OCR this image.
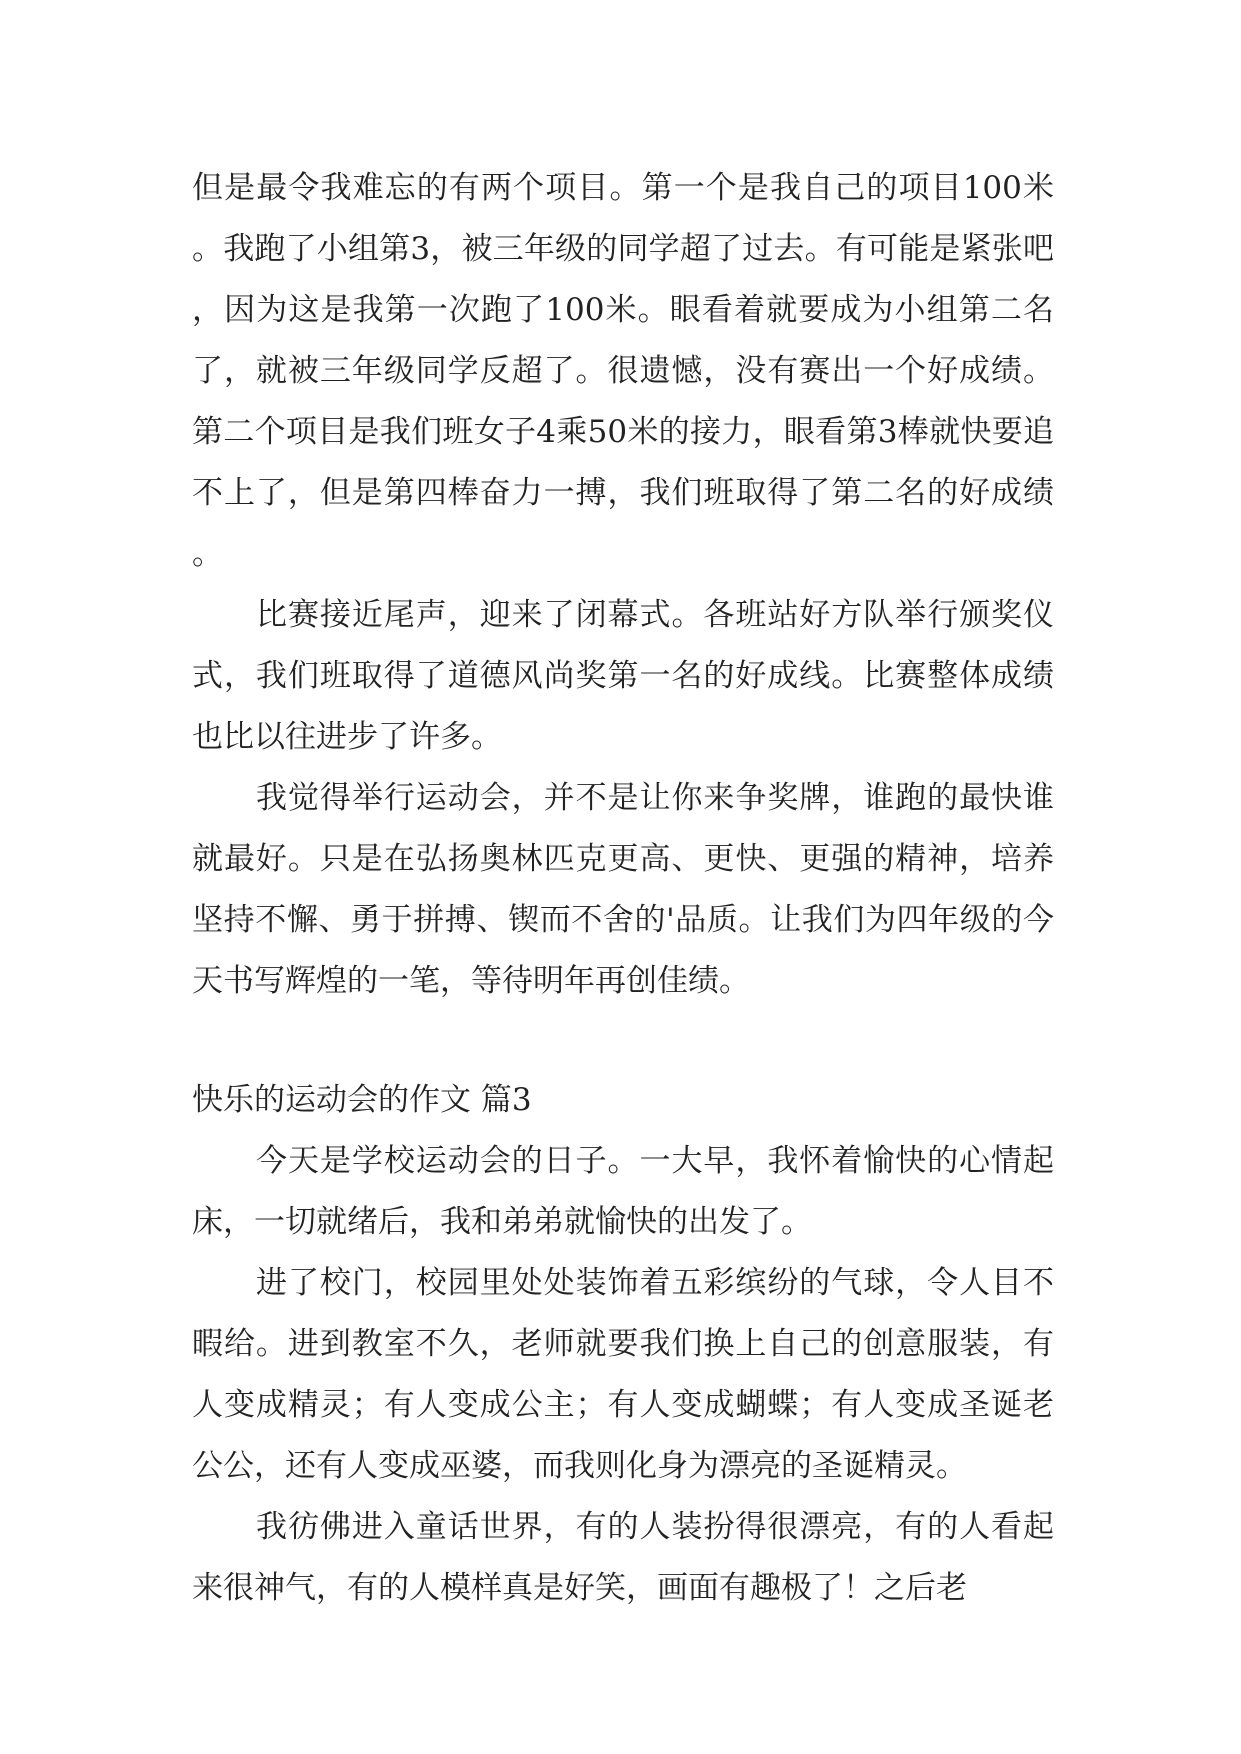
但是最令我难忘的有两个项目。第一个是我自己的项目100米。我跑了小组第3，被三年级的同学超了过去。有可能是紧张吧，因为这是我第一次跑了100米。眼看着就要成为小组第二名了，就被三年级同学反超了。很遗憾，没有赛出一个好成绩。第二个项目是我们班女子4乘50米的接力，眼看第3棒就快要追不上了，但是第四棒奋力一搏，我们班取得了第二名的好成绩。

比赛接近尾声，迎来了闭幕式。各班站好方队举行颁奖仪式，我们班取得了道德风尚奖第一名的好成线。比赛整体成绩也比以往进步了许多。

我觉得举行运动会，并不是让你来争奖牌，谁跑的最快谁就最好。只是在弘扬奥林匹克更高、更快、更强的精神，培养坚持不懈、勇于拼搏、锲而不舍的'品质。让我们为四年级的今天书写辉煌的一笔，等待明年再创佳绩。

快乐的运动会的作文 篇3

今天是学校运动会的日子。一大早，我怀着愉快的心情起床，一切就绪后，我和弟弟就愉快的出发了。

进了校门，校园里处处装饰着五彩缤纷的气球，令人目不暇给。进到教室不久，老师就要我们换上自己的创意服装，有人变成精灵；有人变成公主；有人变成蝴蝶；有人变成圣诞老公公，还有人变成巫婆，而我则化身为漂亮的圣诞精灵。

我彷佛进入童话世界，有的人装扮得很漂亮，有的人看起来很神气，有的人模样真是好笑，画面有趣极了！之后老
